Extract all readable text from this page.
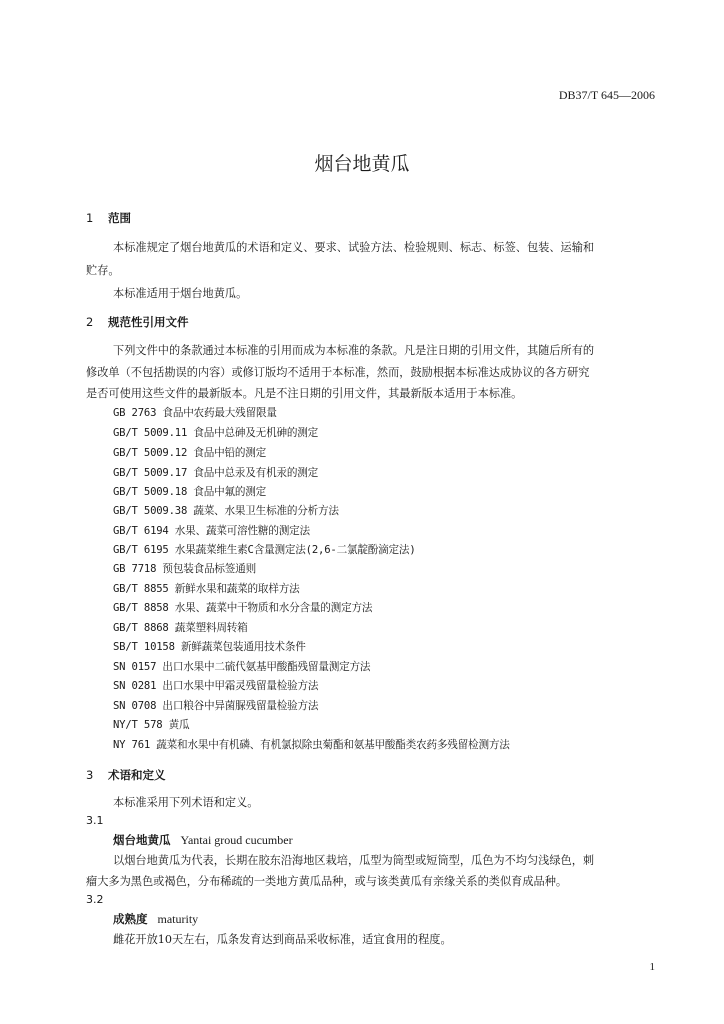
DB37/T 645—2006
烟台地黄瓜
1 范围
本标准规定了烟台地黄瓜的术语和定义、要求、试验方法、检验规则、标志、标签、包装、运输和
贮存。
本标准适用于烟台地黄瓜。
2 规范性引用文件
下列文件中的条款通过本标准的引用而成为本标准的条款。凡是注日期的引用文件，其随后所有的
修改单（不包括勘误的内容）或修订版均不适用于本标准，然而，鼓励根据本标准达成协议的各方研究
是否可使用这些文件的最新版本。凡是不注日期的引用文件，其最新版本适用于本标准。
GB 2763 食品中农药最大残留限量
GB/T 5009.11 食品中总砷及无机砷的测定
GB/T 5009.12 食品中铅的测定
GB/T 5009.17 食品中总汞及有机汞的测定
GB/T 5009.18 食品中氟的测定
GB/T 5009.38 蔬菜、水果卫生标准的分析方法
GB/T 6194 水果、蔬菜可溶性糖的测定法
GB/T 6195 水果蔬菜维生素C含量测定法(2,6-二氯靛酚滴定法)
GB 7718 预包装食品标签通则
GB/T 8855 新鲜水果和蔬菜的取样方法
GB/T 8858 水果、蔬菜中干物质和水分含量的测定方法
GB/T 8868 蔬菜塑料周转箱
SB/T 10158 新鲜蔬菜包装通用技术条件
SN 0157 出口水果中二硫代氨基甲酸酯残留量测定方法
SN 0281 出口水果中甲霜灵残留量检验方法
SN 0708 出口粮谷中异菌脲残留量检验方法
NY/T 578 黄瓜
NY 761 蔬菜和水果中有机磷、有机氯拟除虫菊酯和氨基甲酸酯类农药多残留检测方法
3 术语和定义
本标准采用下列术语和定义。
3.1
烟台地黄瓜 Yantai groud cucumber
以烟台地黄瓜为代表，长期在胶东沿海地区栽培，瓜型为筒型或短筒型，瓜色为不均匀浅绿色，刺
瘤大多为黑色或褐色，分布稀疏的一类地方黄瓜品种，或与该类黄瓜有亲缘关系的类似育成品种。
3.2
成熟度 maturity
雌花开放10天左右，瓜条发育达到商品采收标准，适宜食用的程度。
1
